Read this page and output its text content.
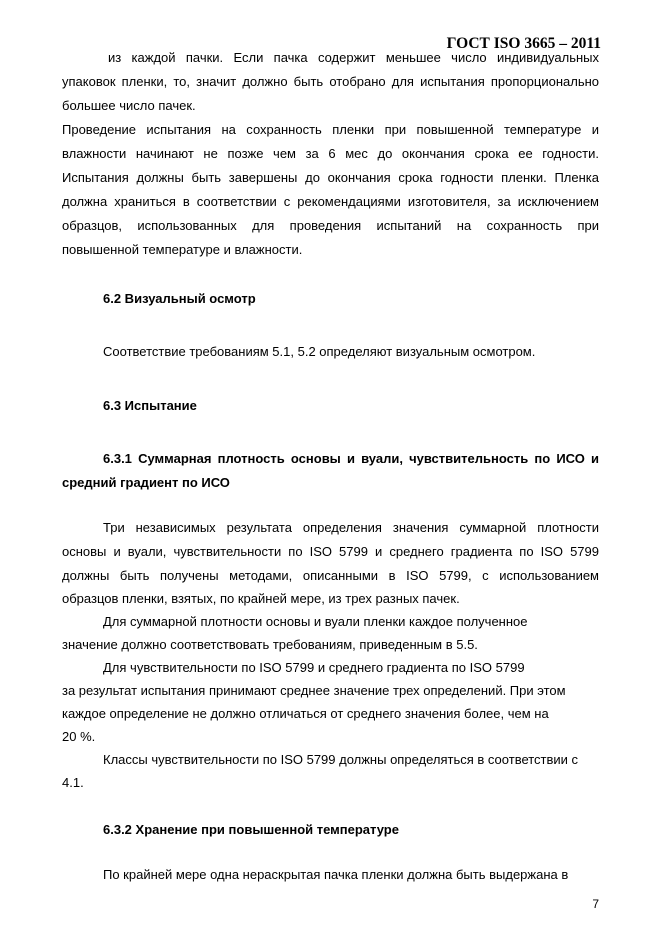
ГОСТ ISO 3665 – 2011
из каждой пачки. Если пачка содержит меньшее число индивидуальных
упаковок пленки, то, значит должно быть отобрано для испытания пропорционально
большее число пачек.
Проведение испытания на сохранность пленки при повышенной температуре и
влажности начинают не позже чем за 6 мес до окончания срока ее годности.
Испытания должны быть завершены до окончания срока годности пленки. Пленка
должна храниться в соответствии с рекомендациями изготовителя, за исключением
образцов, использованных для проведения испытаний на сохранность при
повышенной температуре и влажности.
6.2 Визуальный осмотр
Соответствие требованиям 5.1, 5.2 определяют визуальным осмотром.
6.3 Испытание
6.3.1 Суммарная плотность основы и вуали, чувствительность по ИСО и
средний градиент по ИСО
Три независимых результата определения значения суммарной плотности
основы и вуали, чувствительности по ISO 5799 и среднего градиента по ISO 5799
должны быть получены методами, описанными в ISO 5799, с использованием
образцов пленки, взятых, по крайней мере, из трех разных пачек.
Для суммарной плотности основы и вуали пленки каждое полученное
значение должно соответствовать требованиям, приведенным в 5.5.
Для чувствительности по ISO 5799 и среднего градиента по ISO 5799
за результат испытания принимают среднее значение трех определений. При этом
каждое определение не должно отличаться от среднего значения более, чем на
20 %.
Классы чувствительности по ISO 5799 должны определяться в соответствии с
4.1.
6.3.2 Хранение при повышенной температуре
По крайней мере одна нераскрытая пачка пленки должна быть выдержана в
7
